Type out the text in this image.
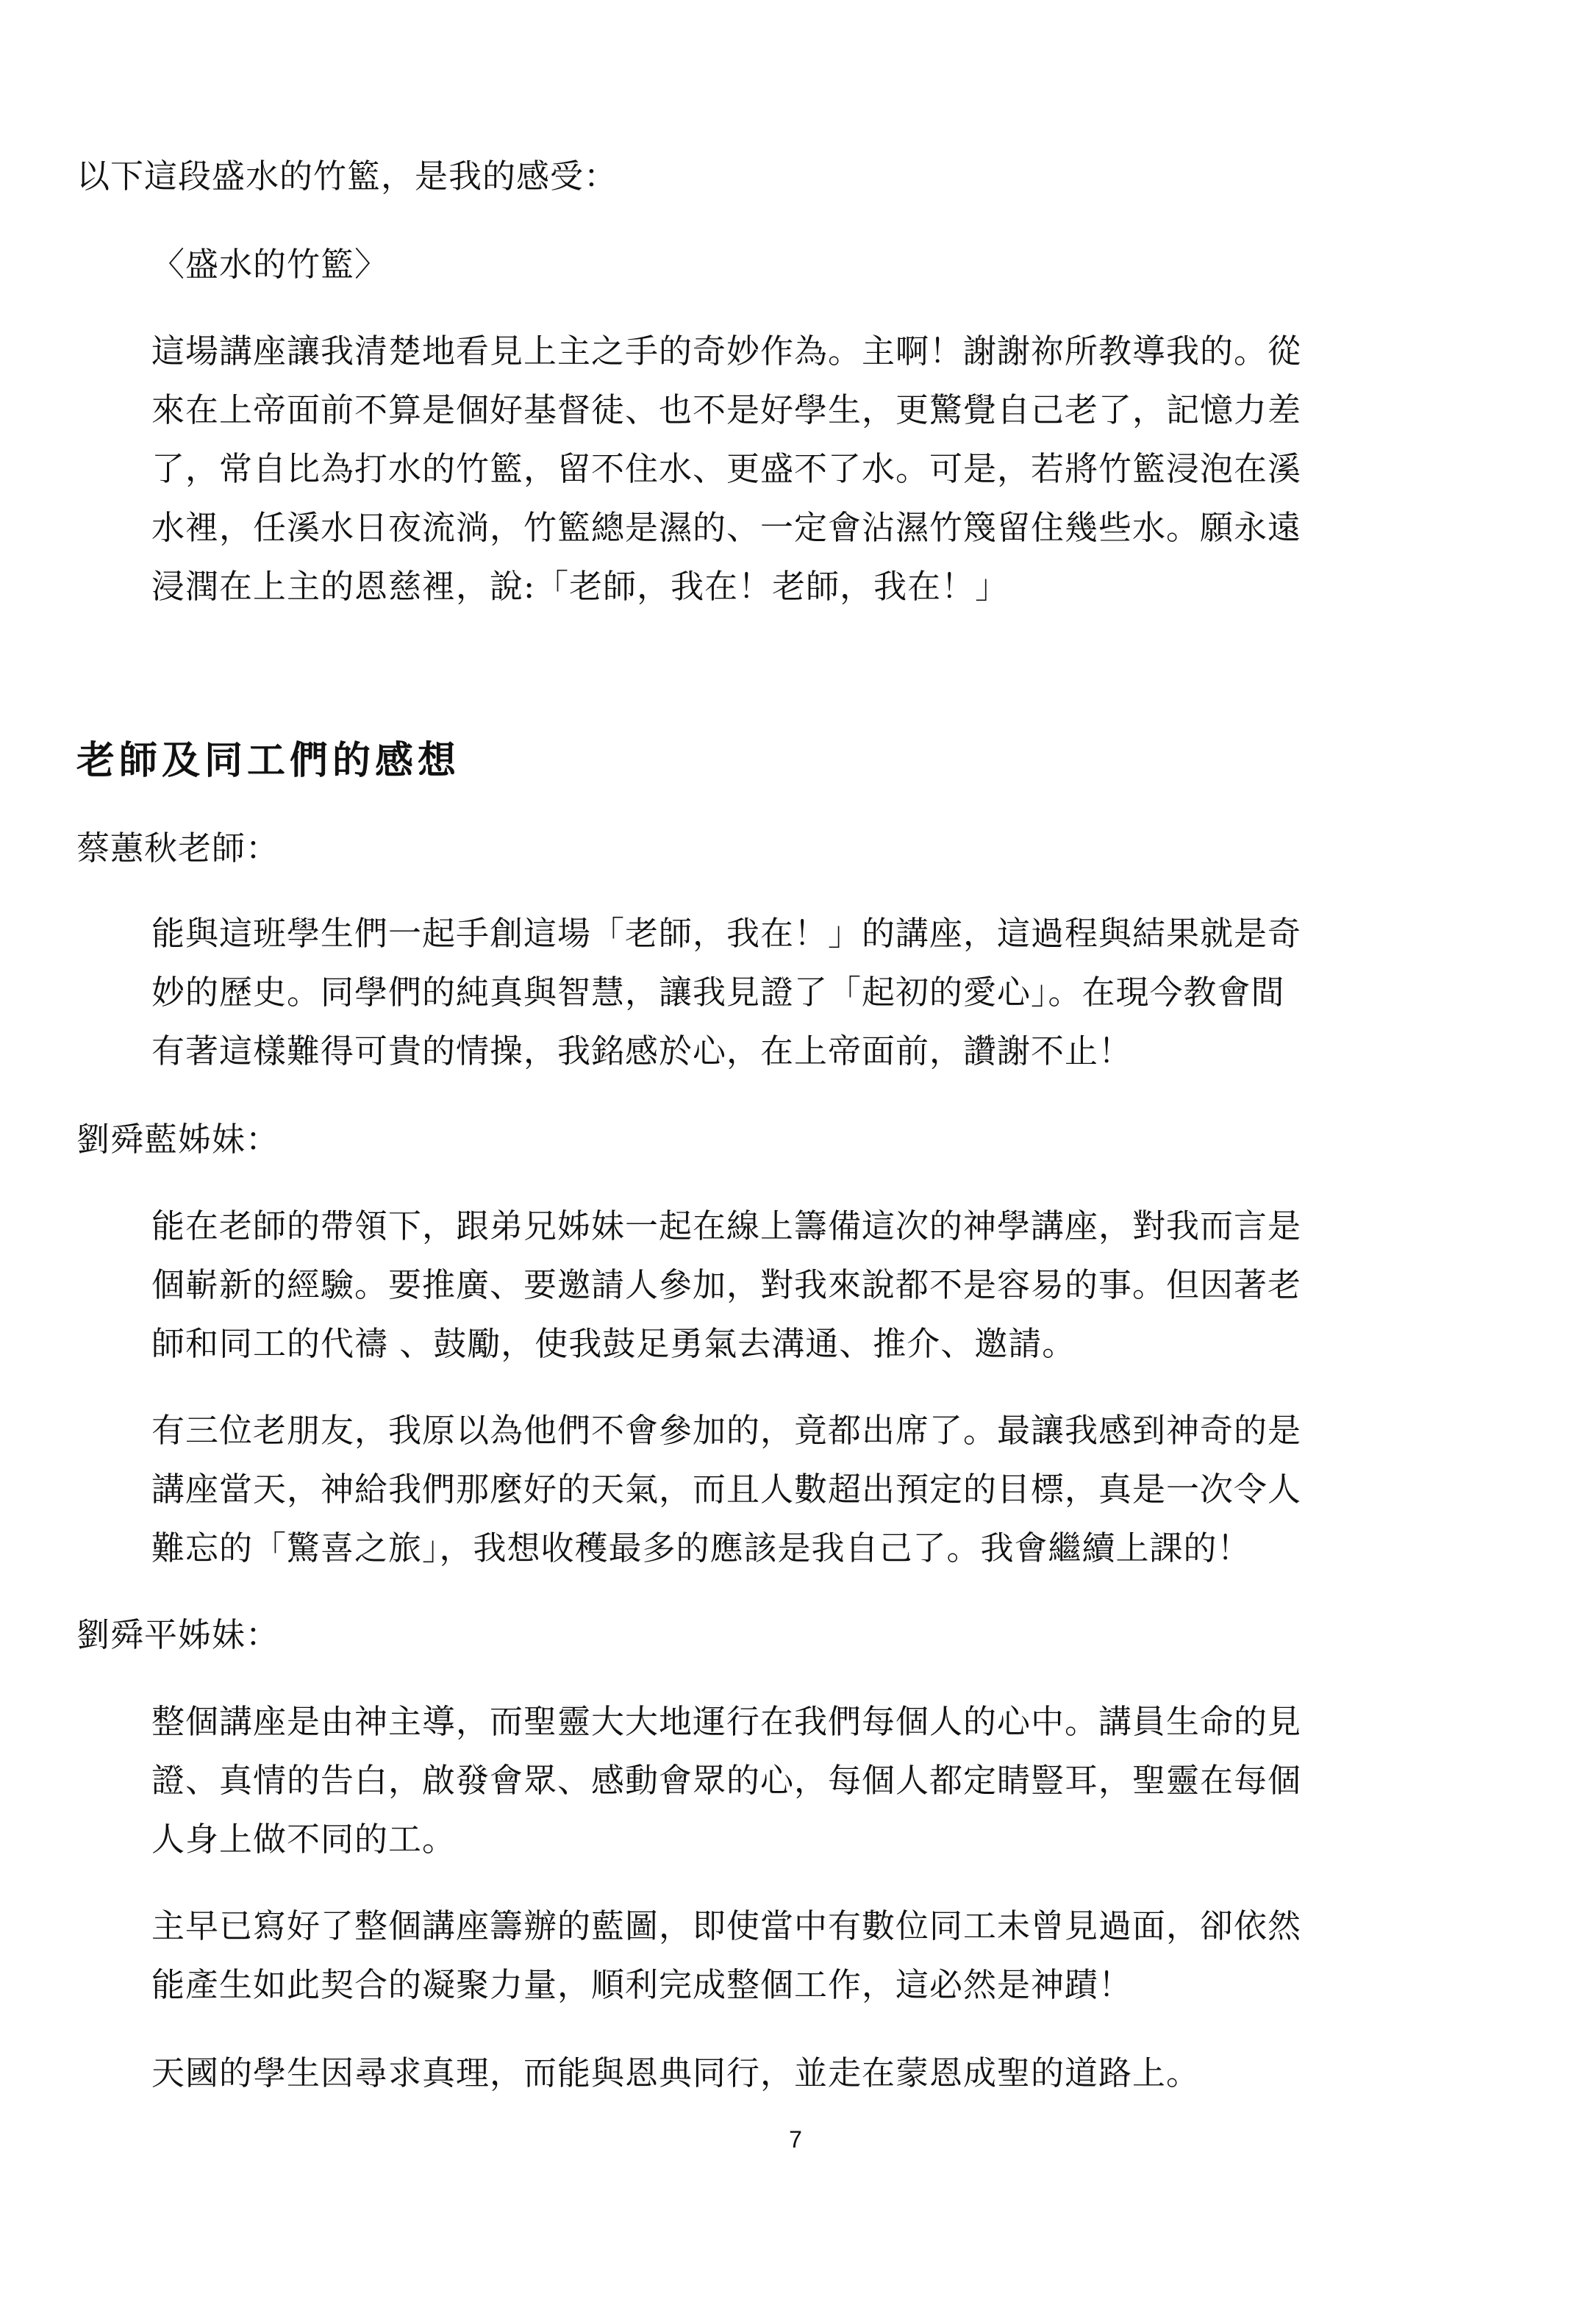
以下這段盛水的竹籃，是我的感受：
〈盛水的竹籃〉
這場講座讓我清楚地看見上主之手的奇妙作為。主啊！謝謝祢所教導我的。從
來在上帝面前不算是個好基督徒、也不是好學生，更驚覺自己老了，記憶力差
了，常自比為打水的竹籃，留不住水、更盛不了水。可是，若將竹籃浸泡在溪
水裡，任溪水日夜流淌，竹籃總是濕的、一定會沾濕竹篾留住幾些水。願永遠
浸潤在上主的恩慈裡，說:「老師，我在！老師，我在！」
老師及同工們的感想
蔡蕙秋老師：
能與這班學生們一起手創這場「老師，我在！」的講座，這過程與結果就是奇
妙的歷史。同學們的純真與智慧，讓我見證了「起初的愛心」。在現今教會間
有著這樣難得可貴的情操，我銘感於心，在上帝面前，讚謝不止！
劉舜藍姊妹：
能在老師的帶領下，跟弟兄姊妹一起在線上籌備這次的神學講座，對我而言是
個嶄新的經驗。要推廣、要邀請人參加，對我來說都不是容易的事。但因著老
師和同工的代禱 、鼓勵，使我鼓足勇氣去溝通、推介、邀請。
有三位老朋友，我原以為他們不會參加的，竟都出席了。最讓我感到神奇的是
講座當天，神給我們那麼好的天氣，而且人數超出預定的目標，真是一次令人
難忘的「驚喜之旅」，我想收穫最多的應該是我自己了。我會繼續上課的！
劉舜平姊妹：
整個講座是由神主導，而聖靈大大地運行在我們每個人的心中。講員生命的見
證、真情的告白，啟發會眾、感動會眾的心，每個人都定睛豎耳，聖靈在每個
人身上做不同的工。
主早已寫好了整個講座籌辦的藍圖，即使當中有數位同工未曾見過面，卻依然
能產生如此契合的凝聚力量，順利完成整個工作，這必然是神蹟！
天國的學生因尋求真理，而能與恩典同行，並走在蒙恩成聖的道路上。
7
